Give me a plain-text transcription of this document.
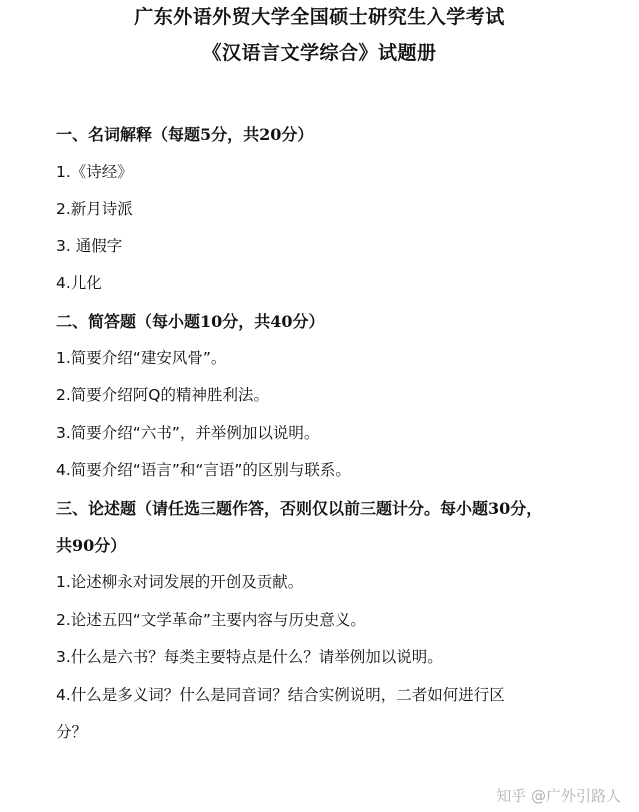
广东外语外贸大学全国硕士研究生入学考试
《汉语言文学综合》试题册
一、名词解释（每题5分，共20分）
1.《诗经》
2.新月诗派
3. 通假字
4.儿化
二、简答题（每小题10分，共40分）
1.简要介绍“建安风骨”。
2.简要介绍阿Q的精神胜利法。
3.简要介绍“六书”，并举例加以说明。
4.简要介绍“语言”和“言语”的区别与联系。
三、论述题（请任选三题作答，否则仅以前三题计分。每小题30分，
共90分）
1.论述柳永对词发展的开创及贡献。
2.论述五四“文学革命”主要内容与历史意义。
3.什么是六书？每类主要特点是什么？请举例加以说明。
4.什么是多义词？什么是同音词？结合实例说明，二者如何进行区
分？
知乎 @广外引路人
